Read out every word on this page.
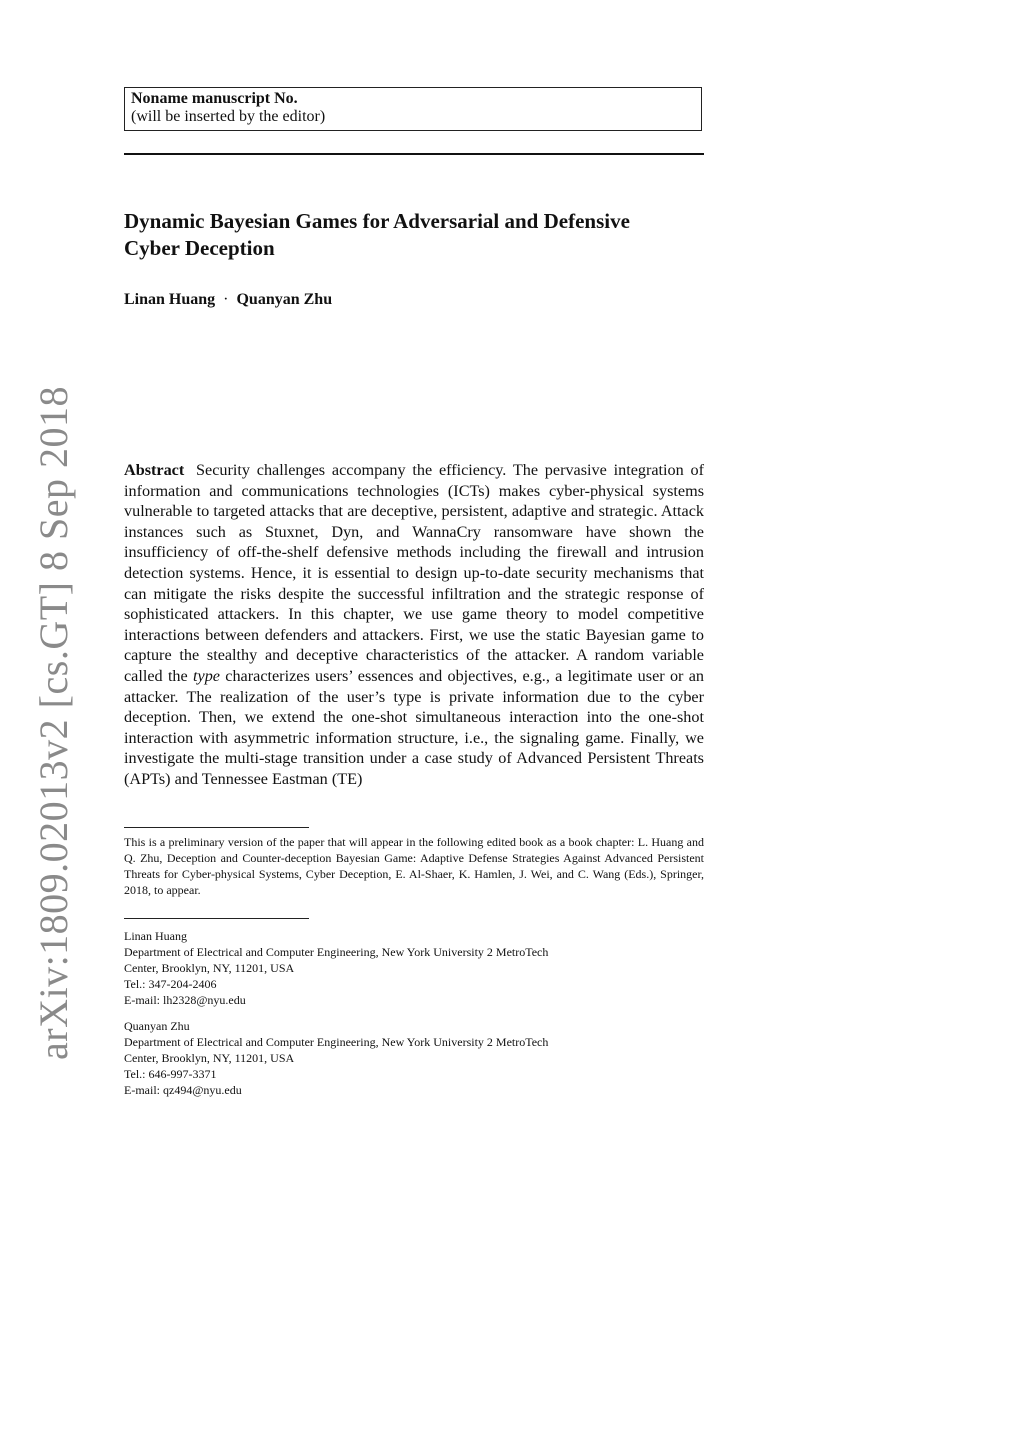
arXiv:1809.02013v2 [cs.GT] 8 Sep 2018
Noname manuscript No.
(will be inserted by the editor)
Dynamic Bayesian Games for Adversarial and Defensive
Cyber Deception
Linan Huang · Quanyan Zhu
Abstract Security challenges accompany the efficiency. The pervasive integration of information and communications technologies (ICTs) makes cyber-physical systems vulnerable to targeted attacks that are deceptive, persistent, adaptive and strategic. Attack instances such as Stuxnet, Dyn, and WannaCry ransomware have shown the insufficiency of off-the-shelf defensive methods including the firewall and intrusion detection systems. Hence, it is essential to design up-to-date security mechanisms that can mitigate the risks despite the successful infiltration and the strategic response of sophisticated attackers. In this chapter, we use game theory to model competitive interactions between defenders and attackers. First, we use the static Bayesian game to capture the stealthy and deceptive characteristics of the attacker. A random variable called the type characterizes users’ essences and objectives, e.g., a legitimate user or an attacker. The realization of the user’s type is private information due to the cyber deception. Then, we extend the one-shot simultaneous interaction into the one-shot interaction with asymmetric information structure, i.e., the signaling game. Finally, we investigate the multi-stage transition under a case study of Advanced Persistent Threats (APTs) and Tennessee Eastman (TE)
This is a preliminary version of the paper that will appear in the following edited book as a book chapter: L. Huang and Q. Zhu, Deception and Counter-deception Bayesian Game: Adaptive Defense Strategies Against Advanced Persistent Threats for Cyber-physical Systems, Cyber Deception, E. Al-Shaer, K. Hamlen, J. Wei, and C. Wang (Eds.), Springer, 2018, to appear.
Linan Huang
Department of Electrical and Computer Engineering, New York University 2 MetroTech
Center, Brooklyn, NY, 11201, USA
Tel.: 347-204-2406
E-mail: lh2328@nyu.edu
Quanyan Zhu
Department of Electrical and Computer Engineering, New York University 2 MetroTech
Center, Brooklyn, NY, 11201, USA
Tel.: 646-997-3371
E-mail: qz494@nyu.edu
